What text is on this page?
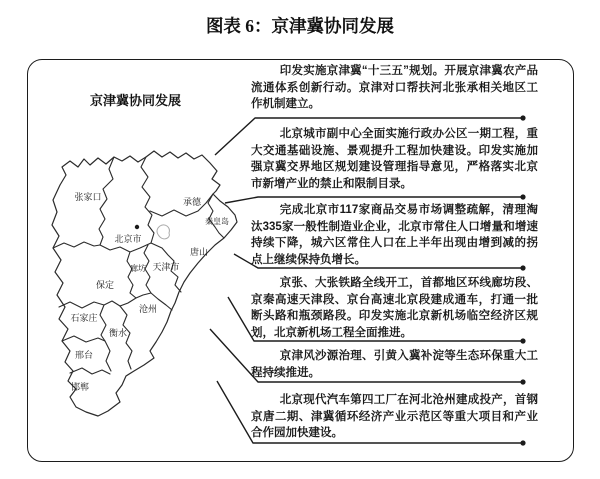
图表 6：京津冀协同发展
京津冀协同发展
张家口	承德
秦皇岛
北京市
唐山
廊坊 天津市
保定
沧州
石家庄
衡水
邢台
邯郸

印发实施京津冀“十三五”规划。开展京津冀农产品流通体系创新行动。京津对口帮扶河北张承相关地区工作机制建立。

北京城市副中心全面实施行政办公区一期工程，重大交通基础设施、景观提升工程加快建设。印发实施加强京冀交界地区规划建设管理指导意见，严格落实北京市新增产业的禁止和限制目录。

完成北京市117家商品交易市场调整疏解，清理淘汰335家一般性制造业企业，北京市常住人口增量和增速持续下降，城六区常住人口在上半年出现由增到减的拐点上继续保持负增长。

京张、大张铁路全线开工，首都地区环线廊坊段、京秦高速天津段、京台高速北京段建成通车，打通一批断头路和瓶颈路段。印发实施北京新机场临空经济区规划，北京新机场工程全面推进。

京津风沙源治理、引黄入冀补淀等生态环保重大工程持续推进。

北京现代汽车第四工厂在河北沧州建成投产，首钢京唐二期、津冀循环经济产业示范区等重大项目和产业合作园加快建设。
